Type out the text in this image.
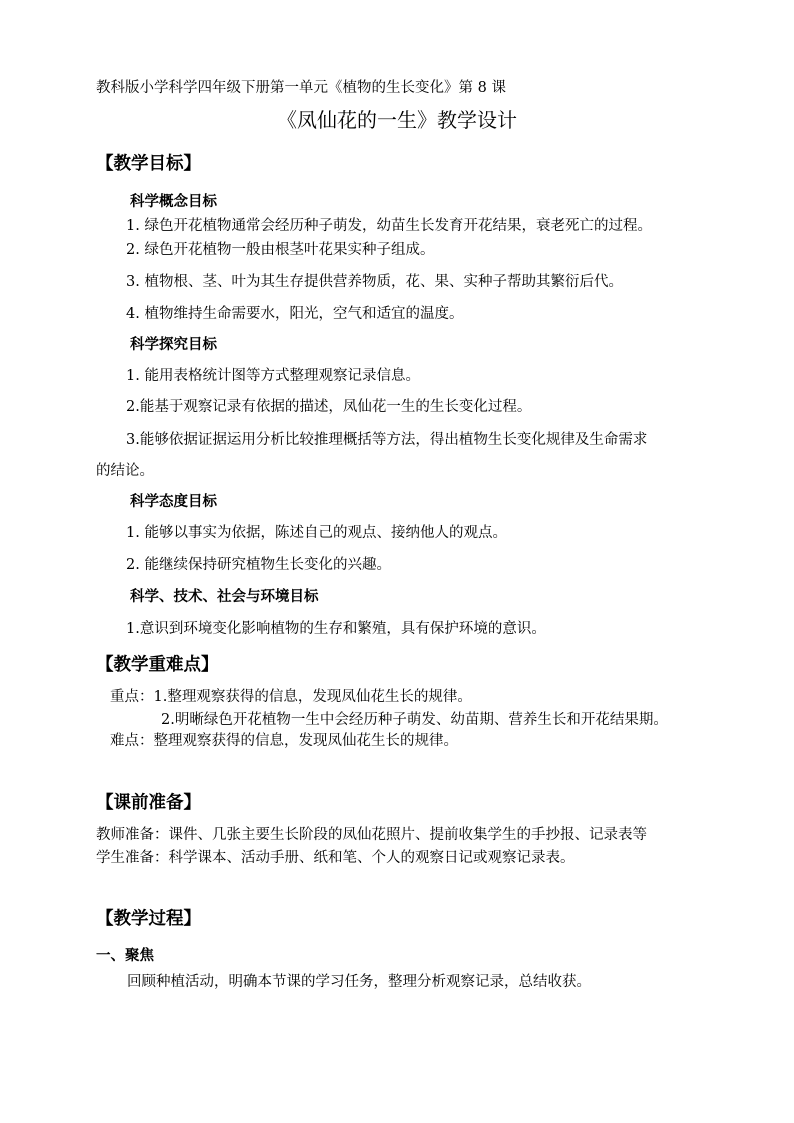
教科版小学科学四年级下册第一单元《植物的生长变化》第 8 课
《凤仙花的一生》教学设计
【教学目标】
科学概念目标
1. 绿色开花植物通常会经历种子萌发，幼苗生长发育开花结果，衰老死亡的过程。
2. 绿色开花植物一般由根茎叶花果实种子组成。
3. 植物根、茎、叶为其生存提供营养物质，花、果、实种子帮助其繁衍后代。
4. 植物维持生命需要水，阳光，空气和适宜的温度。
科学探究目标
1. 能用表格统计图等方式整理观察记录信息。
2.能基于观察记录有依据的描述，凤仙花一生的生长变化过程。
3.能够依据证据运用分析比较推理概括等方法，得出植物生长变化规律及生命需求
的结论。
科学态度目标
1. 能够以事实为依据，陈述自己的观点、接纳他人的观点。
2. 能继续保持研究植物生长变化的兴趣。
科学、技术、社会与环境目标
1.意识到环境变化影响植物的生存和繁殖，具有保护环境的意识。
【教学重难点】
重点：1.整理观察获得的信息，发现凤仙花生长的规律。
2.明晰绿色开花植物一生中会经历种子萌发、幼苗期、营养生长和开花结果期。
难点：整理观察获得的信息，发现凤仙花生长的规律。
【课前准备】
教师准备：课件、几张主要生长阶段的凤仙花照片、提前收集学生的手抄报、记录表等
学生准备：科学课本、活动手册、纸和笔、个人的观察日记或观察记录表。
【教学过程】
一、聚焦
回顾种植活动，明确本节课的学习任务，整理分析观察记录，总结收获。
